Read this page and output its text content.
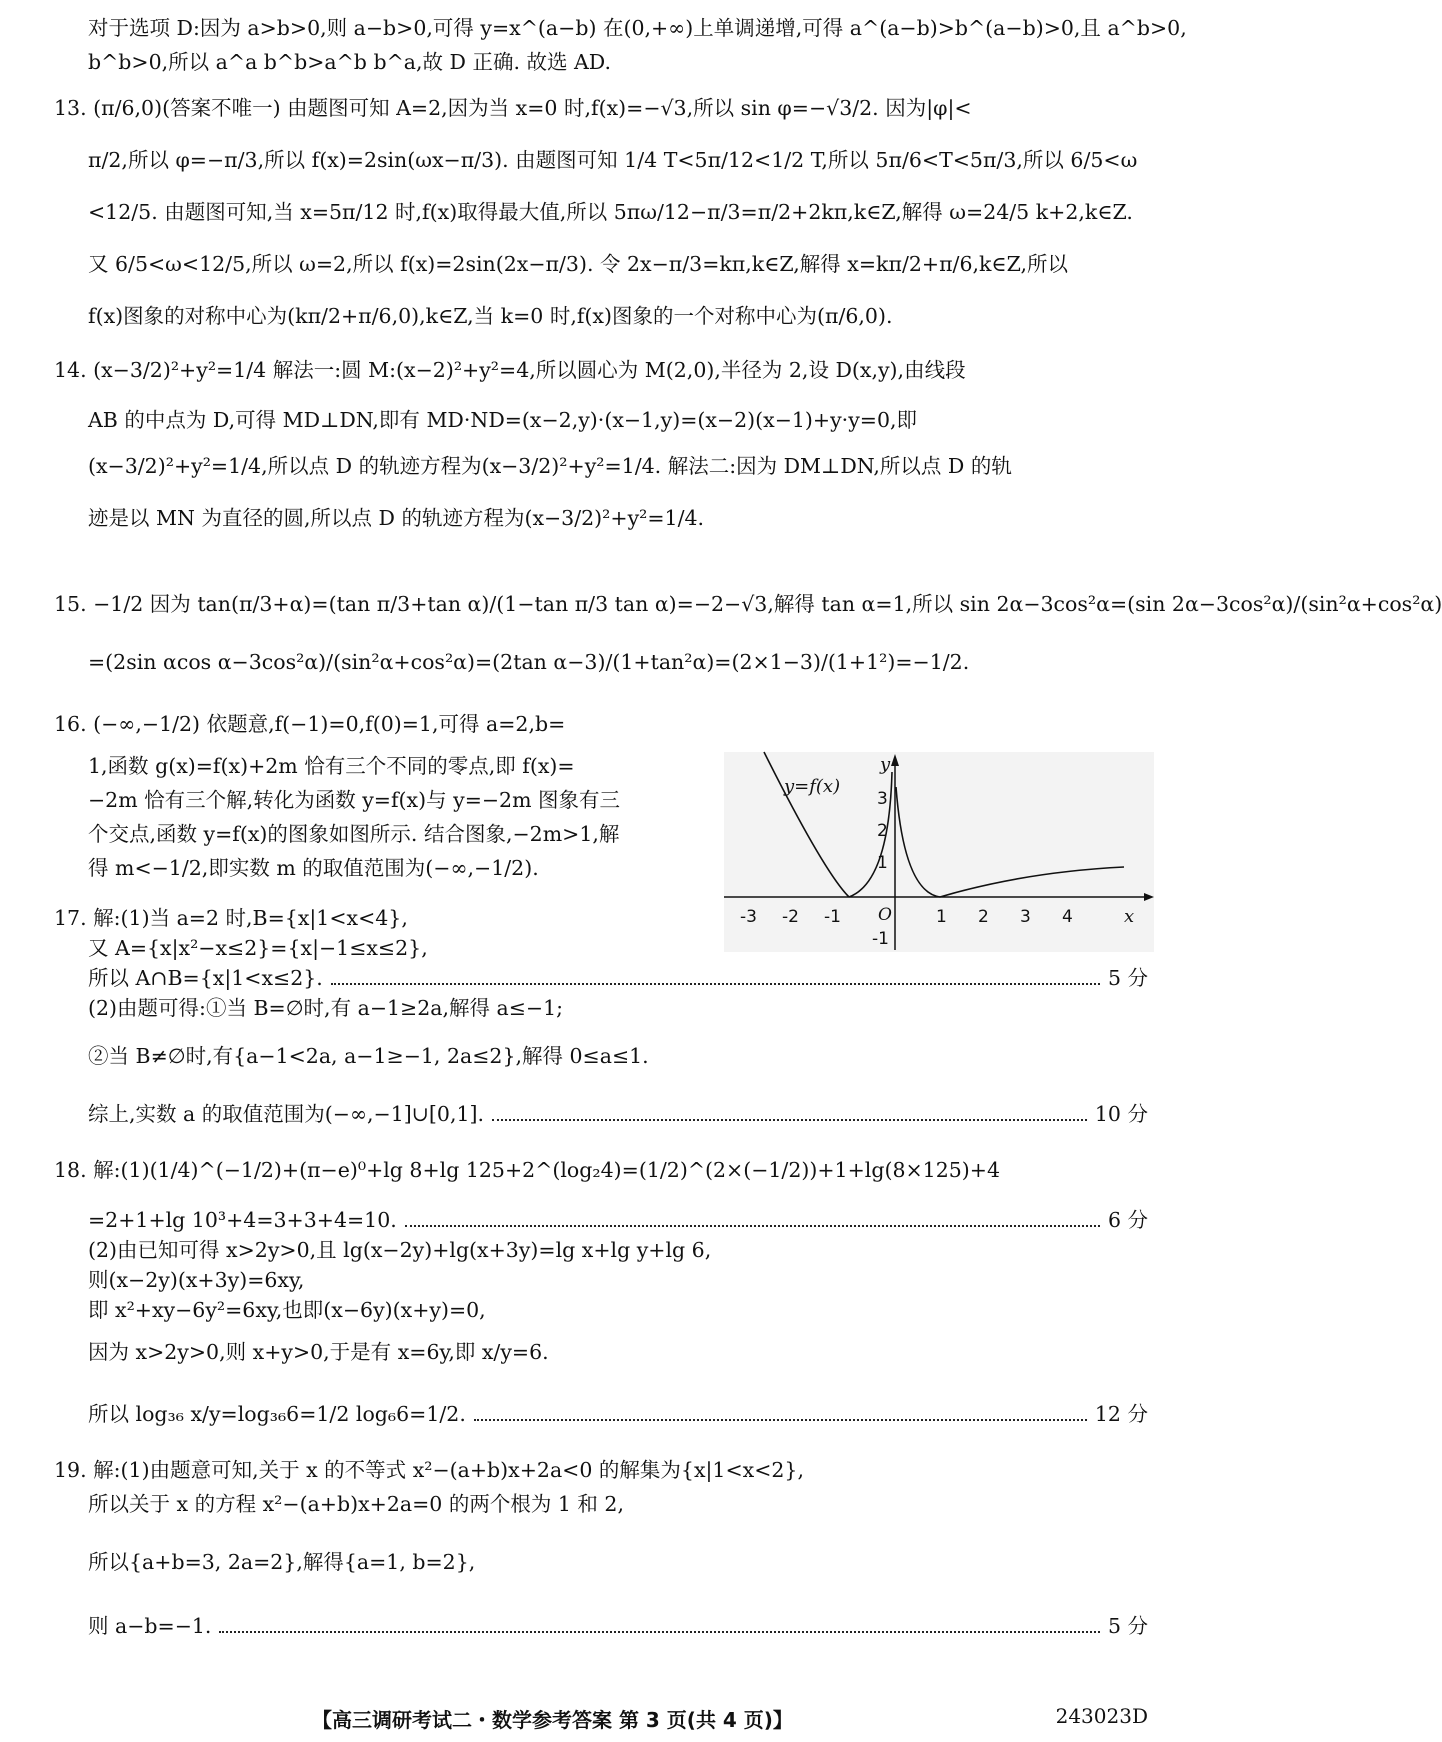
对于选项 D:因为 a>b>0,则 a−b>0,可得 y=x^(a−b) 在(0,+∞)上单调递增,可得 a^(a−b)>b^(a−b)>0,且 a^b>0,
b^b>0,所以 a^a b^b>a^b b^a,故 D 正确. 故选 AD.
13. (π/6,0)(答案不唯一) 由题图可知 A=2,因为当 x=0 时,f(x)=−√3,所以 sin φ=−√3/2. 因为|φ|<
π/2,所以 φ=−π/3,所以 f(x)=2sin(ωx−π/3). 由题图可知 1/4 T<5π/12<1/2 T,所以 5π/6<T<5π/3,所以 6/5<ω
<12/5. 由题图可知,当 x=5π/12 时,f(x)取得最大值,所以 5πω/12−π/3=π/2+2kπ,k∈Z,解得 ω=24/5 k+2,k∈Z.
又 6/5<ω<12/5,所以 ω=2,所以 f(x)=2sin(2x−π/3). 令 2x−π/3=kπ,k∈Z,解得 x=kπ/2+π/6,k∈Z,所以
f(x)图象的对称中心为(kπ/2+π/6,0),k∈Z,当 k=0 时,f(x)图象的一个对称中心为(π/6,0).
14. (x−3/2)²+y²=1/4 解法一:圆 M:(x−2)²+y²=4,所以圆心为 M(2,0),半径为 2,设 D(x,y),由线段
AB 的中点为 D,可得 MD⊥DN,即有 MD·ND=(x−2,y)·(x−1,y)=(x−2)(x−1)+y·y=0,即
(x−3/2)²+y²=1/4,所以点 D 的轨迹方程为(x−3/2)²+y²=1/4. 解法二:因为 DM⊥DN,所以点 D 的轨
迹是以 MN 为直径的圆,所以点 D 的轨迹方程为(x−3/2)²+y²=1/4.
15. −1/2 因为 tan(π/3+α)=(tan π/3+tan α)/(1−tan π/3 tan α)=−2−√3,解得 tan α=1,所以 sin 2α−3cos²α=(sin 2α−3cos²α)/(sin²α+cos²α)
=(2sin αcos α−3cos²α)/(sin²α+cos²α)=(2tan α−3)/(1+tan²α)=(2×1−3)/(1+1²)=−1/2.
16. (−∞,−1/2) 依题意,f(−1)=0,f(0)=1,可得 a=2,b=
1,函数 g(x)=f(x)+2m 恰有三个不同的零点,即 f(x)=
−2m 恰有三个解,转化为函数 y=f(x)与 y=−2m 图象有三
个交点,函数 y=f(x)的图象如图所示. 结合图象,−2m>1,解
得 m<−1/2,即实数 m 的取值范围为(−∞,−1/2).
y=f(x)
x
y
O
-3 -2 -1	1 2 3 4
3
2
1
-1
17. 解:(1)当 a=2 时,B={x|1<x<4},
又 A={x|x²−x≤2}={x|−1≤x≤2},
所以 A∩B={x|1<x≤2}.	5 分
(2)由题可得:①当 B=∅时,有 a−1≥2a,解得 a≤−1;
②当 B≠∅时,有{a−1<2a, a−1≥−1, 2a≤2},解得 0≤a≤1.
综上,实数 a 的取值范围为(−∞,−1]∪[0,1].	10 分
18. 解:(1)(1/4)^(−1/2)+(π−e)⁰+lg 8+lg 125+2^(log₂4)=(1/2)^(2×(−1/2))+1+lg(8×125)+4
=2+1+lg 10³+4=3+3+4=10.	6 分
(2)由已知可得 x>2y>0,且 lg(x−2y)+lg(x+3y)=lg x+lg y+lg 6,
则(x−2y)(x+3y)=6xy,
即 x²+xy−6y²=6xy,也即(x−6y)(x+y)=0,
因为 x>2y>0,则 x+y>0,于是有 x=6y,即 x/y=6.
所以 log₃₆ x/y=log₃₆6=1/2 log₆6=1/2.	12 分
19. 解:(1)由题意可知,关于 x 的不等式 x²−(a+b)x+2a<0 的解集为{x|1<x<2},
所以关于 x 的方程 x²−(a+b)x+2a=0 的两个根为 1 和 2,
所以{a+b=3, 2a=2},解得{a=1, b=2},
则 a−b=−1.	5 分
【高三调研考试二・数学参考答案 第 3 页(共 4 页)】	243023D
